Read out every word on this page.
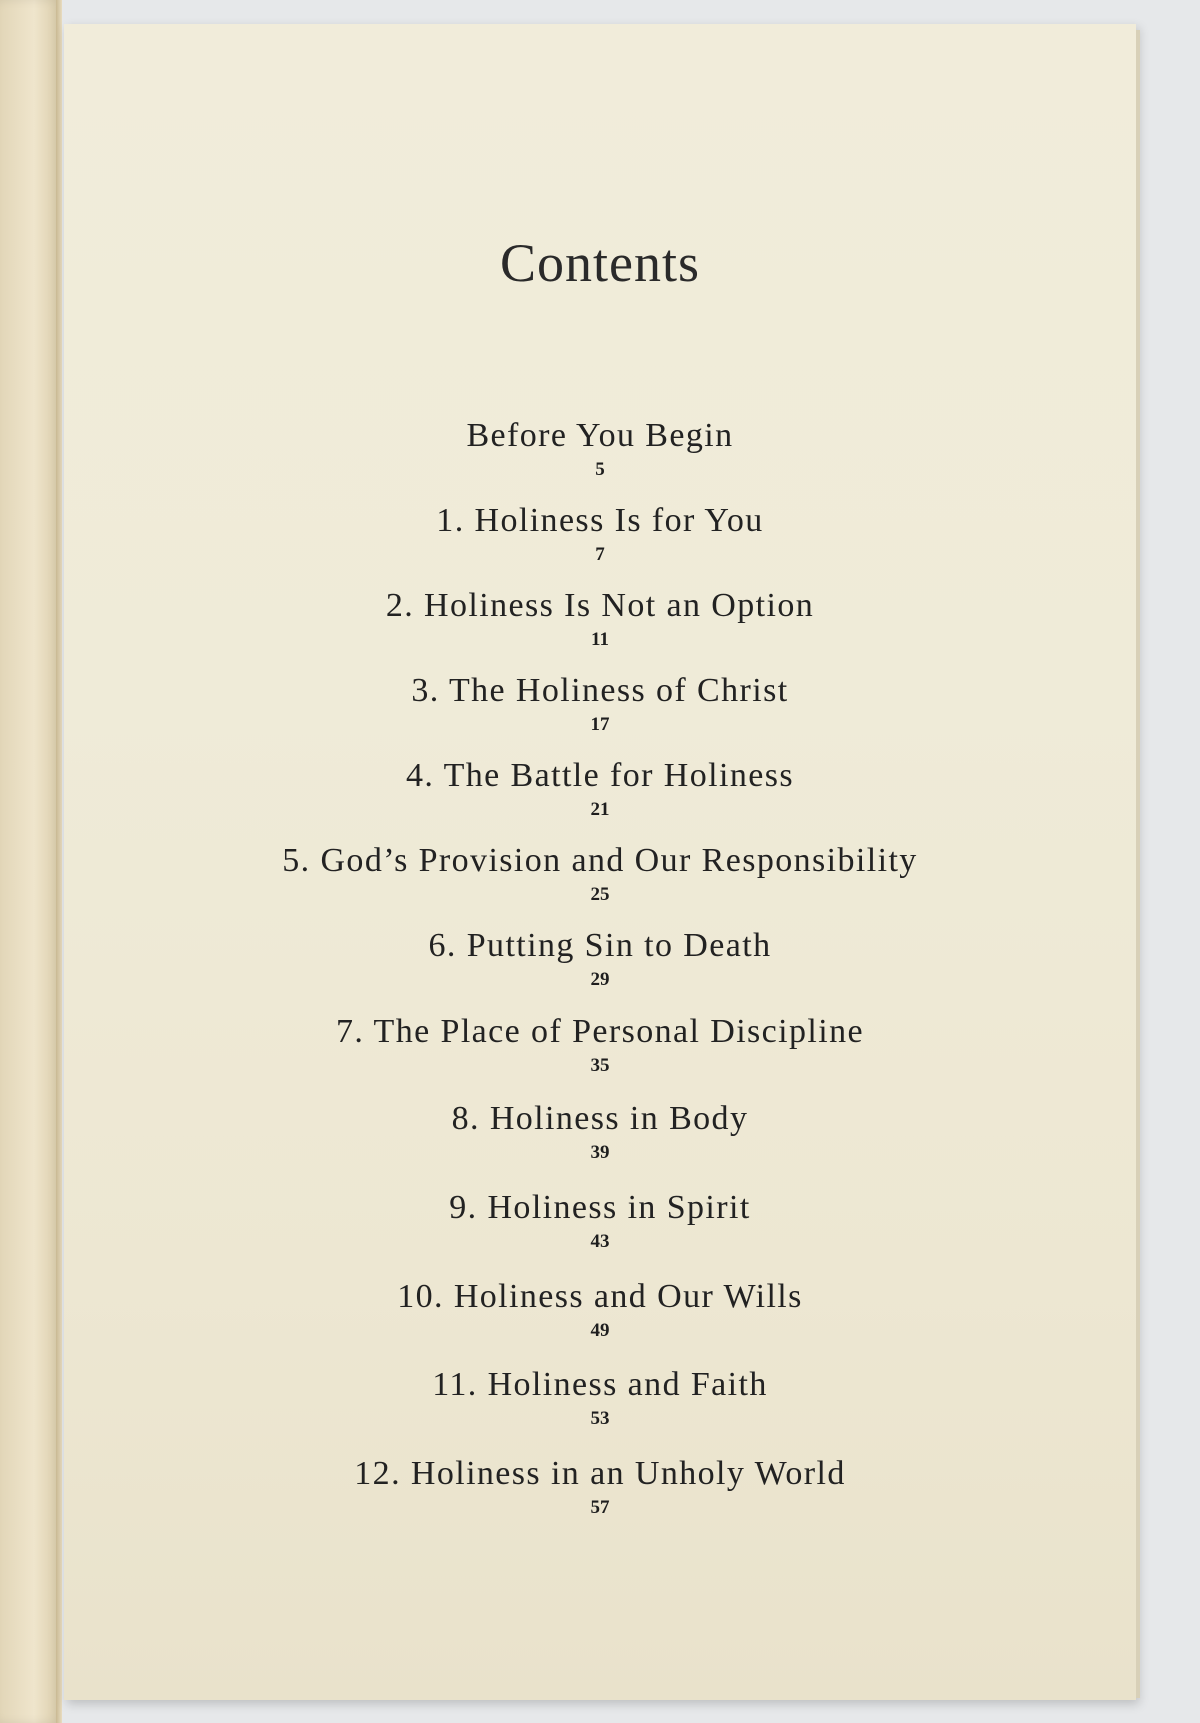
Contents
Before You Begin
5
1. Holiness Is for You
7
2. Holiness Is Not an Option
11
3. The Holiness of Christ
17
4. The Battle for Holiness
21
5. God’s Provision and Our Responsibility
25
6. Putting Sin to Death
29
7. The Place of Personal Discipline
35
8. Holiness in Body
39
9. Holiness in Spirit
43
10. Holiness and Our Wills
49
11. Holiness and Faith
53
12. Holiness in an Unholy World
57
